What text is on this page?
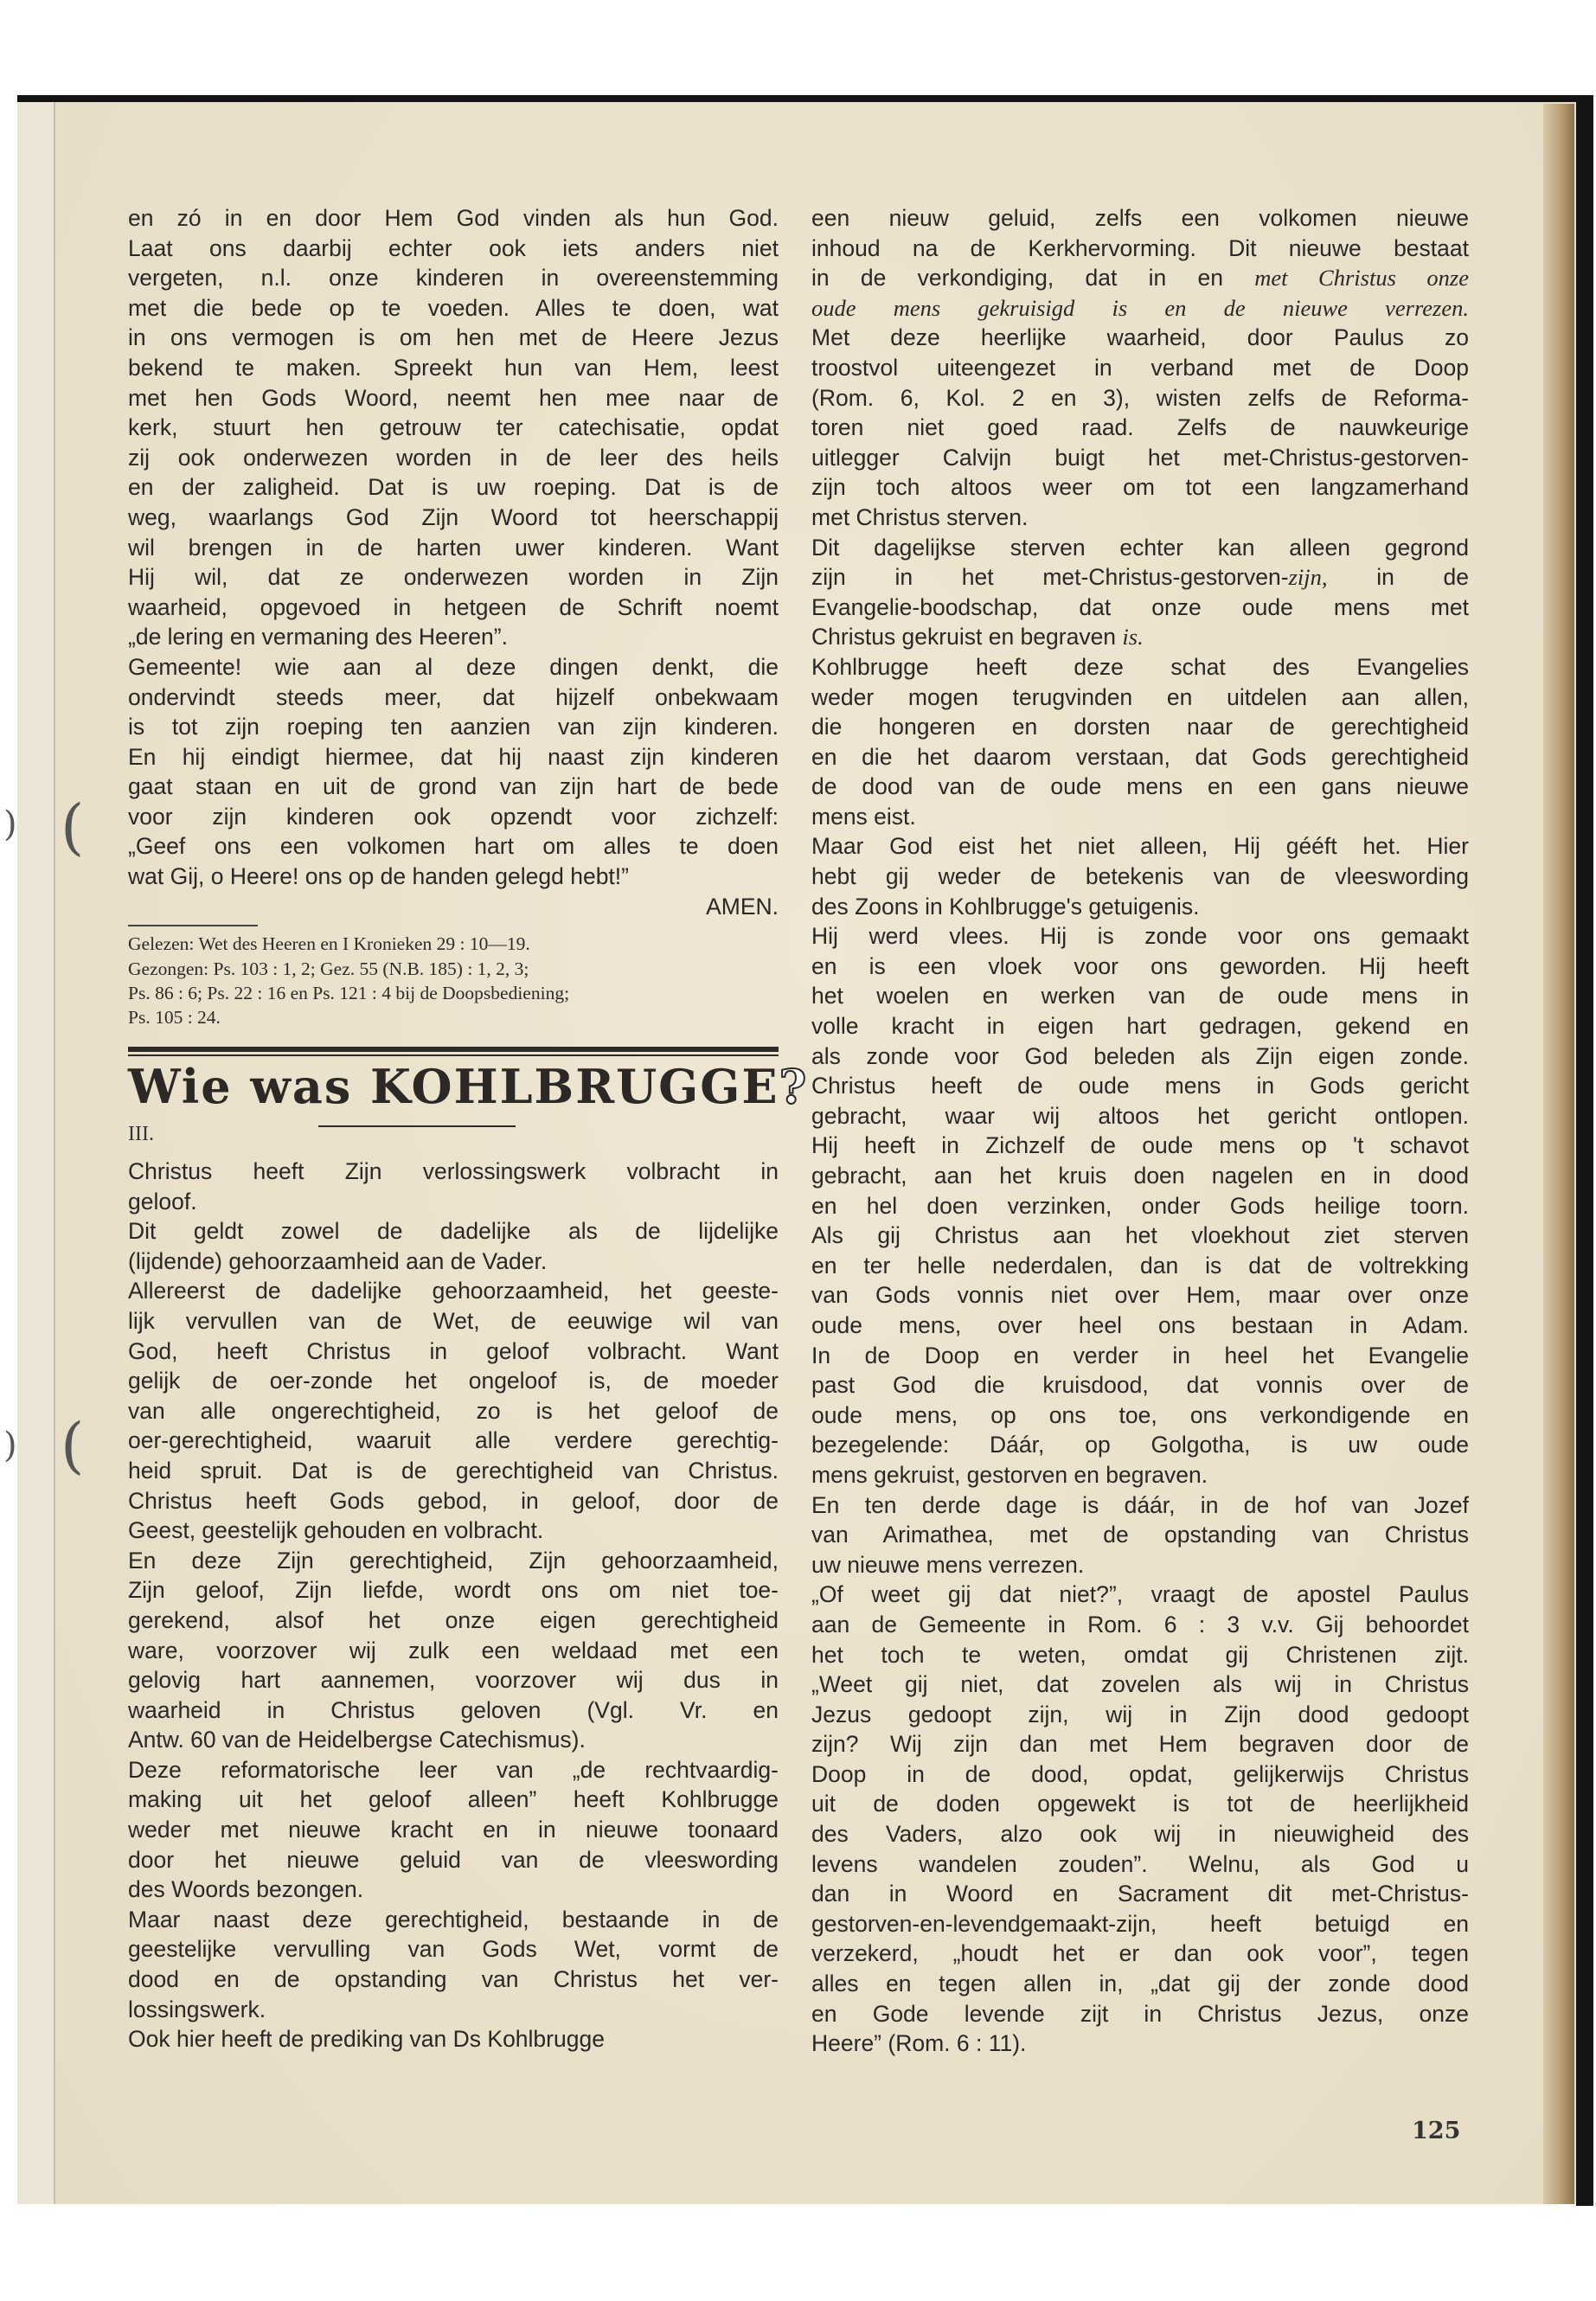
) (
) (

en zó in en door Hem God vinden als hun God.

Laat ons daarbij echter ook iets anders niet

vergeten, n.l. onze kinderen in overeenstemming

met die bede op te voeden. Alles te doen, wat

in ons vermogen is om hen met de Heere Jezus

bekend te maken. Spreekt hun van Hem, leest

met hen Gods Woord, neemt hen mee naar de

kerk, stuurt hen getrouw ter catechisatie, opdat

zij ook onderwezen worden in de leer des heils

en der zaligheid. Dat is uw roeping. Dat is de

weg, waarlangs God Zijn Woord tot heerschappij

wil brengen in de harten uwer kinderen. Want

Hij wil, dat ze onderwezen worden in Zijn

waarheid, opgevoed in hetgeen de Schrift noemt

„de lering en vermaning des Heeren”.

Gemeente! wie aan al deze dingen denkt, die

ondervindt steeds meer, dat hijzelf onbekwaam

is tot zijn roeping ten aanzien van zijn kinderen.

En hij eindigt hiermee, dat hij naast zijn kinderen

gaat staan en uit de grond van zijn hart de bede

voor zijn kinderen ook opzendt voor zichzelf:

„Geef ons een volkomen hart om alles te doen

wat Gij, o Heere! ons op de handen gelegd hebt!”

AMEN.

Gelezen: Wet des Heeren en I Kronieken 29 : 10—19.

Gezongen: Ps. 103 : 1, 2; Gez. 55 (N.B. 185) : 1, 2, 3;

Ps. 86 : 6; Ps. 22 : 16 en Ps. 121 : 4 bij de Doopsbediening;

Ps. 105 : 24.

Wie was KOHLBRUGGE?

III.

Christus heeft Zijn verlossingswerk volbracht in

geloof.

Dit geldt zowel de dadelijke als de lijdelijke

(lijdende) gehoorzaamheid aan de Vader.

Allereerst de dadelijke gehoorzaamheid, het geeste-

lijk vervullen van de Wet, de eeuwige wil van

God, heeft Christus in geloof volbracht. Want

gelijk de oer-zonde het ongeloof is, de moeder

van alle ongerechtigheid, zo is het geloof de

oer-gerechtigheid, waaruit alle verdere gerechtig-

heid spruit. Dat is de gerechtigheid van Christus.

Christus heeft Gods gebod, in geloof, door de

Geest, geestelijk gehouden en volbracht.

En deze Zijn gerechtigheid, Zijn gehoorzaamheid,

Zijn geloof, Zijn liefde, wordt ons om niet toe-

gerekend, alsof het onze eigen gerechtigheid

ware, voorzover wij zulk een weldaad met een

gelovig hart aannemen, voorzover wij dus in

waarheid in Christus geloven (Vgl. Vr. en

Antw. 60 van de Heidelbergse Catechismus).

Deze reformatorische leer van „de rechtvaardig-

making uit het geloof alleen” heeft Kohlbrugge

weder met nieuwe kracht en in nieuwe toonaard

door het nieuwe geluid van de vleeswording

des Woords bezongen.

Maar naast deze gerechtigheid, bestaande in de

geestelijke vervulling van Gods Wet, vormt de

dood en de opstanding van Christus het ver-

lossingswerk.

Ook hier heeft de prediking van Ds Kohlbrugge

een nieuw geluid, zelfs een volkomen nieuwe

inhoud na de Kerkhervorming. Dit nieuwe bestaat

in de verkondiging, dat in en met Christus onze

oude mens gekruisigd is en de nieuwe verrezen.

Met deze heerlijke waarheid, door Paulus zo

troostvol uiteengezet in verband met de Doop

(Rom. 6, Kol. 2 en 3), wisten zelfs de Reforma-

toren niet goed raad. Zelfs de nauwkeurige

uitlegger Calvijn buigt het met-Christus-gestorven-

zijn toch altoos weer om tot een langzamerhand

met Christus sterven.

Dit dagelijkse sterven echter kan alleen gegrond

zijn in het met-Christus-gestorven-zijn, in de

Evangelie-boodschap, dat onze oude mens met

Christus gekruist en begraven is.

Kohlbrugge heeft deze schat des Evangelies

weder mogen terugvinden en uitdelen aan allen,

die hongeren en dorsten naar de gerechtigheid

en die het daarom verstaan, dat Gods gerechtigheid

de dood van de oude mens en een gans nieuwe

mens eist.

Maar God eist het niet alleen, Hij gééft het. Hier

hebt gij weder de betekenis van de vleeswording

des Zoons in Kohlbrugge's getuigenis.

Hij werd vlees. Hij is zonde voor ons gemaakt

en is een vloek voor ons geworden. Hij heeft

het woelen en werken van de oude mens in

volle kracht in eigen hart gedragen, gekend en

als zonde voor God beleden als Zijn eigen zonde.

Christus heeft de oude mens in Gods gericht

gebracht, waar wij altoos het gericht ontlopen.

Hij heeft in Zichzelf de oude mens op 't schavot

gebracht, aan het kruis doen nagelen en in dood

en hel doen verzinken, onder Gods heilige toorn.

Als gij Christus aan het vloekhout ziet sterven

en ter helle nederdalen, dan is dat de voltrekking

van Gods vonnis niet over Hem, maar over onze

oude mens, over heel ons bestaan in Adam.

In de Doop en verder in heel het Evangelie

past God die kruisdood, dat vonnis over de

oude mens, op ons toe, ons verkondigende en

bezegelende: Dáár, op Golgotha, is uw oude

mens gekruist, gestorven en begraven.

En ten derde dage is dáár, in de hof van Jozef

van Arimathea, met de opstanding van Christus

uw nieuwe mens verrezen.

„Of weet gij dat niet?”, vraagt de apostel Paulus

aan de Gemeente in Rom. 6 : 3 v.v. Gij behoordet

het toch te weten, omdat gij Christenen zijt.

„Weet gij niet, dat zovelen als wij in Christus

Jezus gedoopt zijn, wij in Zijn dood gedoopt

zijn? Wij zijn dan met Hem begraven door de

Doop in de dood, opdat, gelijkerwijs Christus

uit de doden opgewekt is tot de heerlijkheid

des Vaders, alzo ook wij in nieuwigheid des

levens wandelen zouden”. Welnu, als God u

dan in Woord en Sacrament dit met-Christus-

gestorven-en-levendgemaakt-zijn, heeft betuigd en

verzekerd, „houdt het er dan ook voor”, tegen

alles en tegen allen in, „dat gij der zonde dood

en Gode levende zijt in Christus Jezus, onze

Heere” (Rom. 6 : 11).

125
